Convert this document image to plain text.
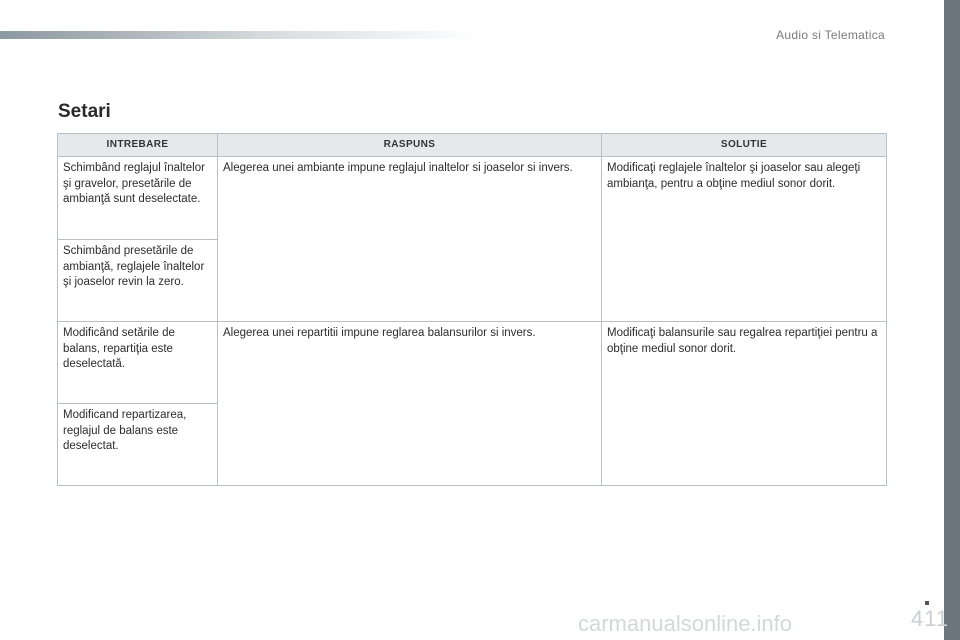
Audio si Telematica
Setari
INTREBARE	RASPUNS	SOLUTIE
Schimbând reglajul înaltelor şi gravelor, presetările de ambianţă sunt deselectate.	Alegerea unei ambiante impune reglajul inaltelor si joaselor si invers.	Modificaţi reglajele înaltelor şi joaselor sau alegeţi ambianţa, pentru a obţine mediul sonor dorit.
Schimbând presetările de ambianţă, reglajele înaltelor şi joaselor revin la zero.		
Modificând setările de balans, repartiţia este deselectată.	Alegerea unei repartitii impune reglarea balansurilor si invers.	Modificaţi balansurile sau regalrea repartiţiei pentru a obţine mediul sonor dorit.
Modificand repartizarea, reglajul de balans este deselectat.		
carmanualsonline.info	411
